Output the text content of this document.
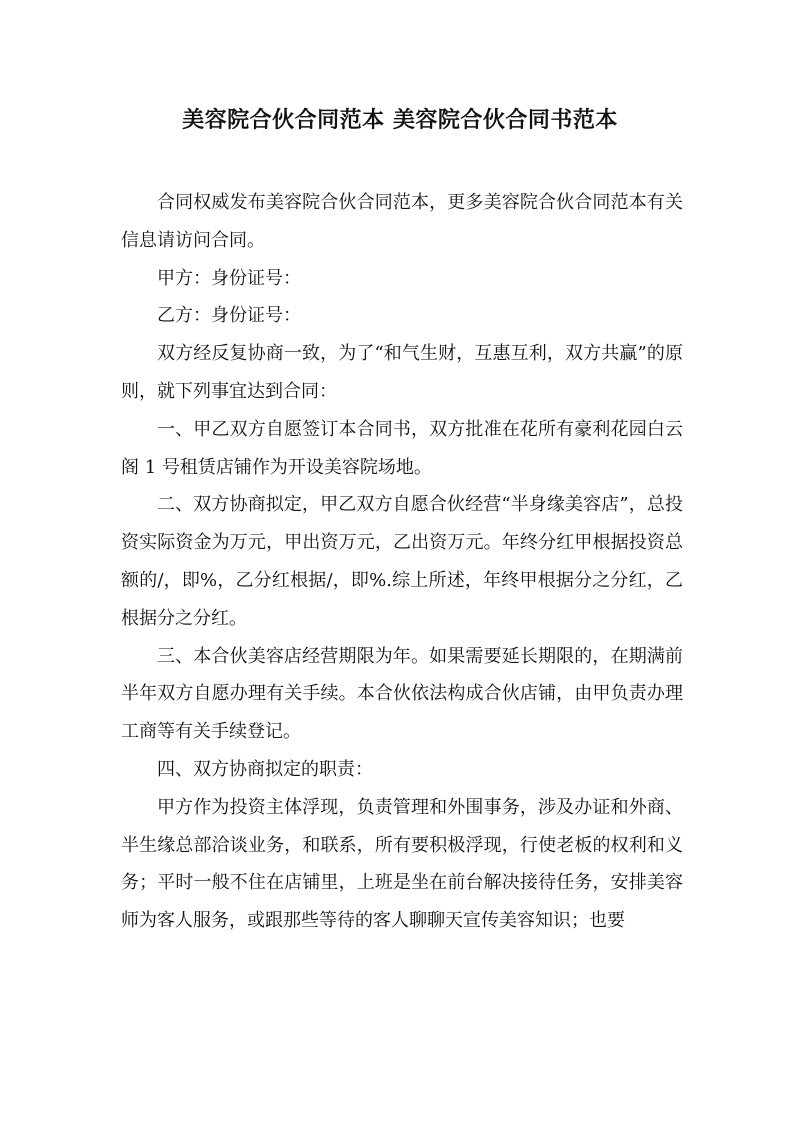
美容院合伙合同范本 美容院合伙合同书范本

合同权威发布美容院合伙合同范本，更多美容院合伙合同范本有关信息请访问合同。

甲方：身份证号：

乙方：身份证号：

双方经反复协商一致，为了“和气生财，互惠互利，双方共赢”的原则，就下列事宜达到合同：

一、甲乙双方自愿签订本合同书，双方批准在花所有豪利花园白云阁 1 号租赁店铺作为开设美容院场地。

二、双方协商拟定，甲乙双方自愿合伙经营“半身缘美容店”，总投资实际资金为万元，甲出资万元，乙出资万元。年终分红甲根据投资总额的/，即%，乙分红根据/，即%.综上所述，年终甲根据分之分红，乙根据分之分红。

三、本合伙美容店经营期限为年。如果需要延长期限的，在期满前半年双方自愿办理有关手续。本合伙依法构成合伙店铺，由甲负责办理工商等有关手续登记。

四、双方协商拟定的职责：

甲方作为投资主体浮现，负责管理和外围事务，涉及办证和外商、半生缘总部洽谈业务，和联系，所有要积极浮现，行使老板的权利和义务；平时一般不住在店铺里，上班是坐在前台解决接待任务，安排美容师为客人服务，或跟那些等待的客人聊聊天宣传美容知识；也要
